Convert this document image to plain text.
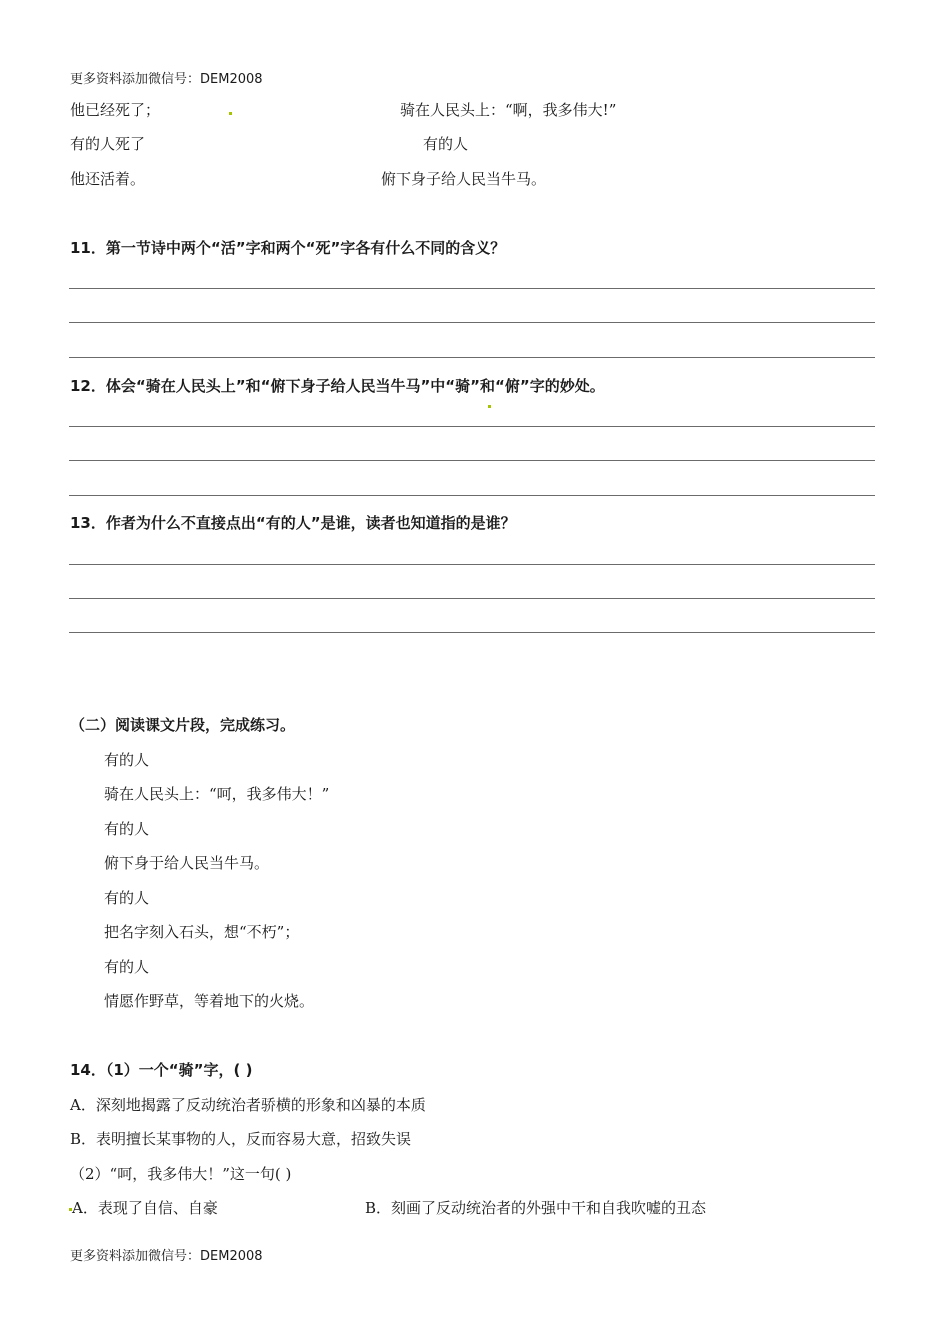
更多资料添加微信号：DEM2008
他已经死了；
有的人死了
他还活着。
骑在人民头上：“啊，我多伟大!”
有的人
俯下身子给人民当牛马。
11．第一节诗中两个“活”字和两个“死”字各有什么不同的含义？
12．体会“骑在人民头上”和“俯下身子给人民当牛马”中“骑”和“俯”字的妙处。
13．作者为什么不直接点出“有的人”是谁，读者也知道指的是谁？
（二）阅读课文片段，完成练习。
有的人
骑在人民头上：“呵，我多伟大！”
有的人
俯下身于给人民当牛马。
有的人
把名字刻入石头，想“不朽”；
有的人
情愿作野草，等着地下的火烧。
14．（1）一个“骑”字，( )
A．深刻地揭露了反动统治者骄横的形象和凶暴的本质
B．表明擅长某事物的人，反而容易大意，招致失误
（2）“呵，我多伟大！”这一句( )
A．表现了自信、自豪	B．刻画了反动统治者的外强中干和自我吹嘘的丑态
更多资料添加微信号：DEM2008
